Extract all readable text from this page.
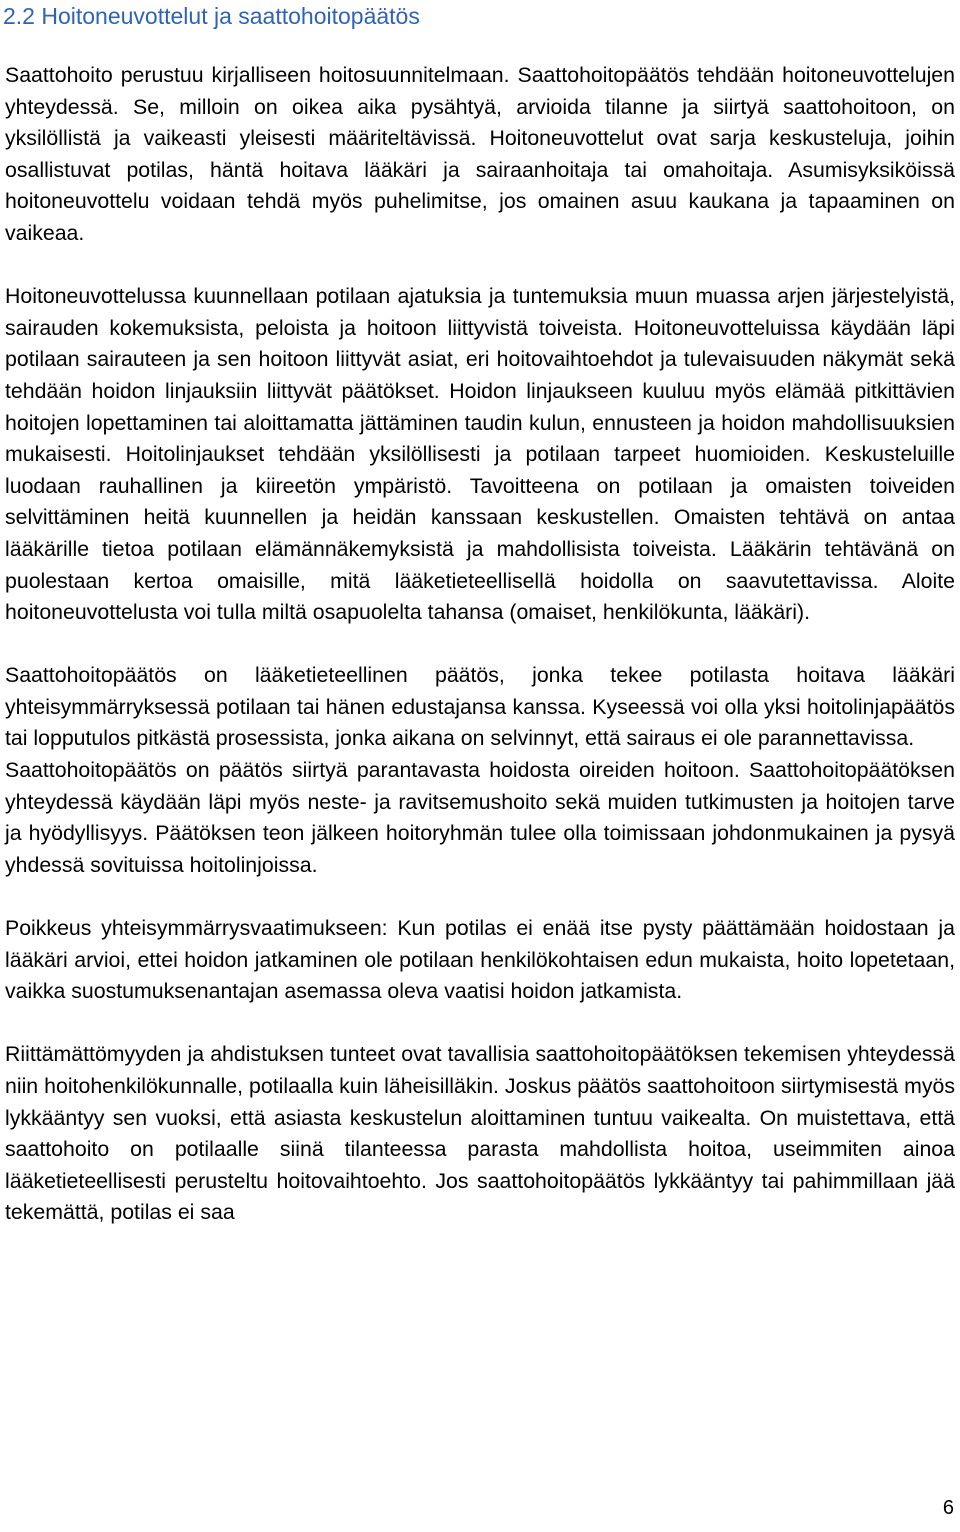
2.2 Hoitoneuvottelut ja saattohoitopäätös

Saattohoito perustuu kirjalliseen hoitosuunnitelmaan. Saattohoitopäätös tehdään hoitoneuvottelujen yhteydessä. Se, milloin on oikea aika pysähtyä, arvioida tilanne ja siirtyä saattohoitoon, on yksilöllistä ja vaikeasti yleisesti määriteltävissä. Hoitoneuvottelut ovat sarja keskusteluja, joihin osallistuvat potilas, häntä hoitava lääkäri ja sairaanhoitaja tai omahoitaja. Asumisyksiköissä hoitoneuvottelu voidaan tehdä myös puhelimitse, jos omainen asuu kaukana ja tapaaminen on vaikeaa.

Hoitoneuvottelussa kuunnellaan potilaan ajatuksia ja tuntemuksia muun muassa arjen järjestelyistä, sairauden kokemuksista, peloista ja hoitoon liittyvistä toiveista. Hoitoneuvotteluissa käydään läpi potilaan sairauteen ja sen hoitoon liittyvät asiat, eri hoitovaihtoehdot ja tulevaisuuden näkymät sekä tehdään hoidon linjauksiin liittyvät päätökset. Hoidon linjaukseen kuuluu myös elämää pitkittävien hoitojen lopettaminen tai aloittamatta jättäminen taudin kulun, ennusteen ja hoidon mahdollisuuksien mukaisesti. Hoitolinjaukset tehdään yksilöllisesti ja potilaan tarpeet huomioiden. Keskusteluille luodaan rauhallinen ja kiireetön ympäristö. Tavoitteena on potilaan ja omaisten toiveiden selvittäminen heitä kuunnellen ja heidän kanssaan keskustellen. Omaisten tehtävä on antaa lääkärille tietoa potilaan elämännäkemyksistä ja mahdollisista toiveista. Lääkärin tehtävänä on puolestaan kertoa omaisille, mitä lääketieteellisellä hoidolla on saavutettavissa. Aloite hoitoneuvottelusta voi tulla miltä osapuolelta tahansa (omaiset, henkilökunta, lääkäri).

Saattohoitopäätös on lääketieteellinen päätös, jonka tekee potilasta hoitava lääkäri yhteisymmärryksessä potilaan tai hänen edustajansa kanssa. Kyseessä voi olla yksi hoitolinjapäätös tai lopputulos pitkästä prosessista, jonka aikana on selvinnyt, että sairaus ei ole parannettavissa.

Saattohoitopäätös on päätös siirtyä parantavasta hoidosta oireiden hoitoon. Saattohoitopäätöksen yhteydessä käydään läpi myös neste- ja ravitsemushoito sekä muiden tutkimusten ja hoitojen tarve ja hyödyllisyys. Päätöksen teon jälkeen hoitoryhmän tulee olla toimissaan johdonmukainen ja pysyä yhdessä sovituissa hoitolinjoissa.

Poikkeus yhteisymmärrysvaatimukseen: Kun potilas ei enää itse pysty päättämään hoidostaan ja lääkäri arvioi, ettei hoidon jatkaminen ole potilaan henkilökohtaisen edun mukaista, hoito lopetetaan, vaikka suostumuksenantajan asemassa oleva vaatisi hoidon jatkamista.

Riittämättömyyden ja ahdistuksen tunteet ovat tavallisia saattohoitopäätöksen tekemisen yhteydessä niin hoitohenkilökunnalle, potilaalla kuin läheisilläkin. Joskus päätös saattohoitoon siirtymisestä myös lykkääntyy sen vuoksi, että asiasta keskustelun aloittaminen tuntuu vaikealta. On muistettava, että saattohoito on potilaalle siinä tilanteessa parasta mahdollista hoitoa, useimmiten ainoa lääketieteellisesti perusteltu hoitovaihtoehto. Jos saattohoitopäätös lykkääntyy tai pahimmillaan jää tekemättä, potilas ei saa

6
